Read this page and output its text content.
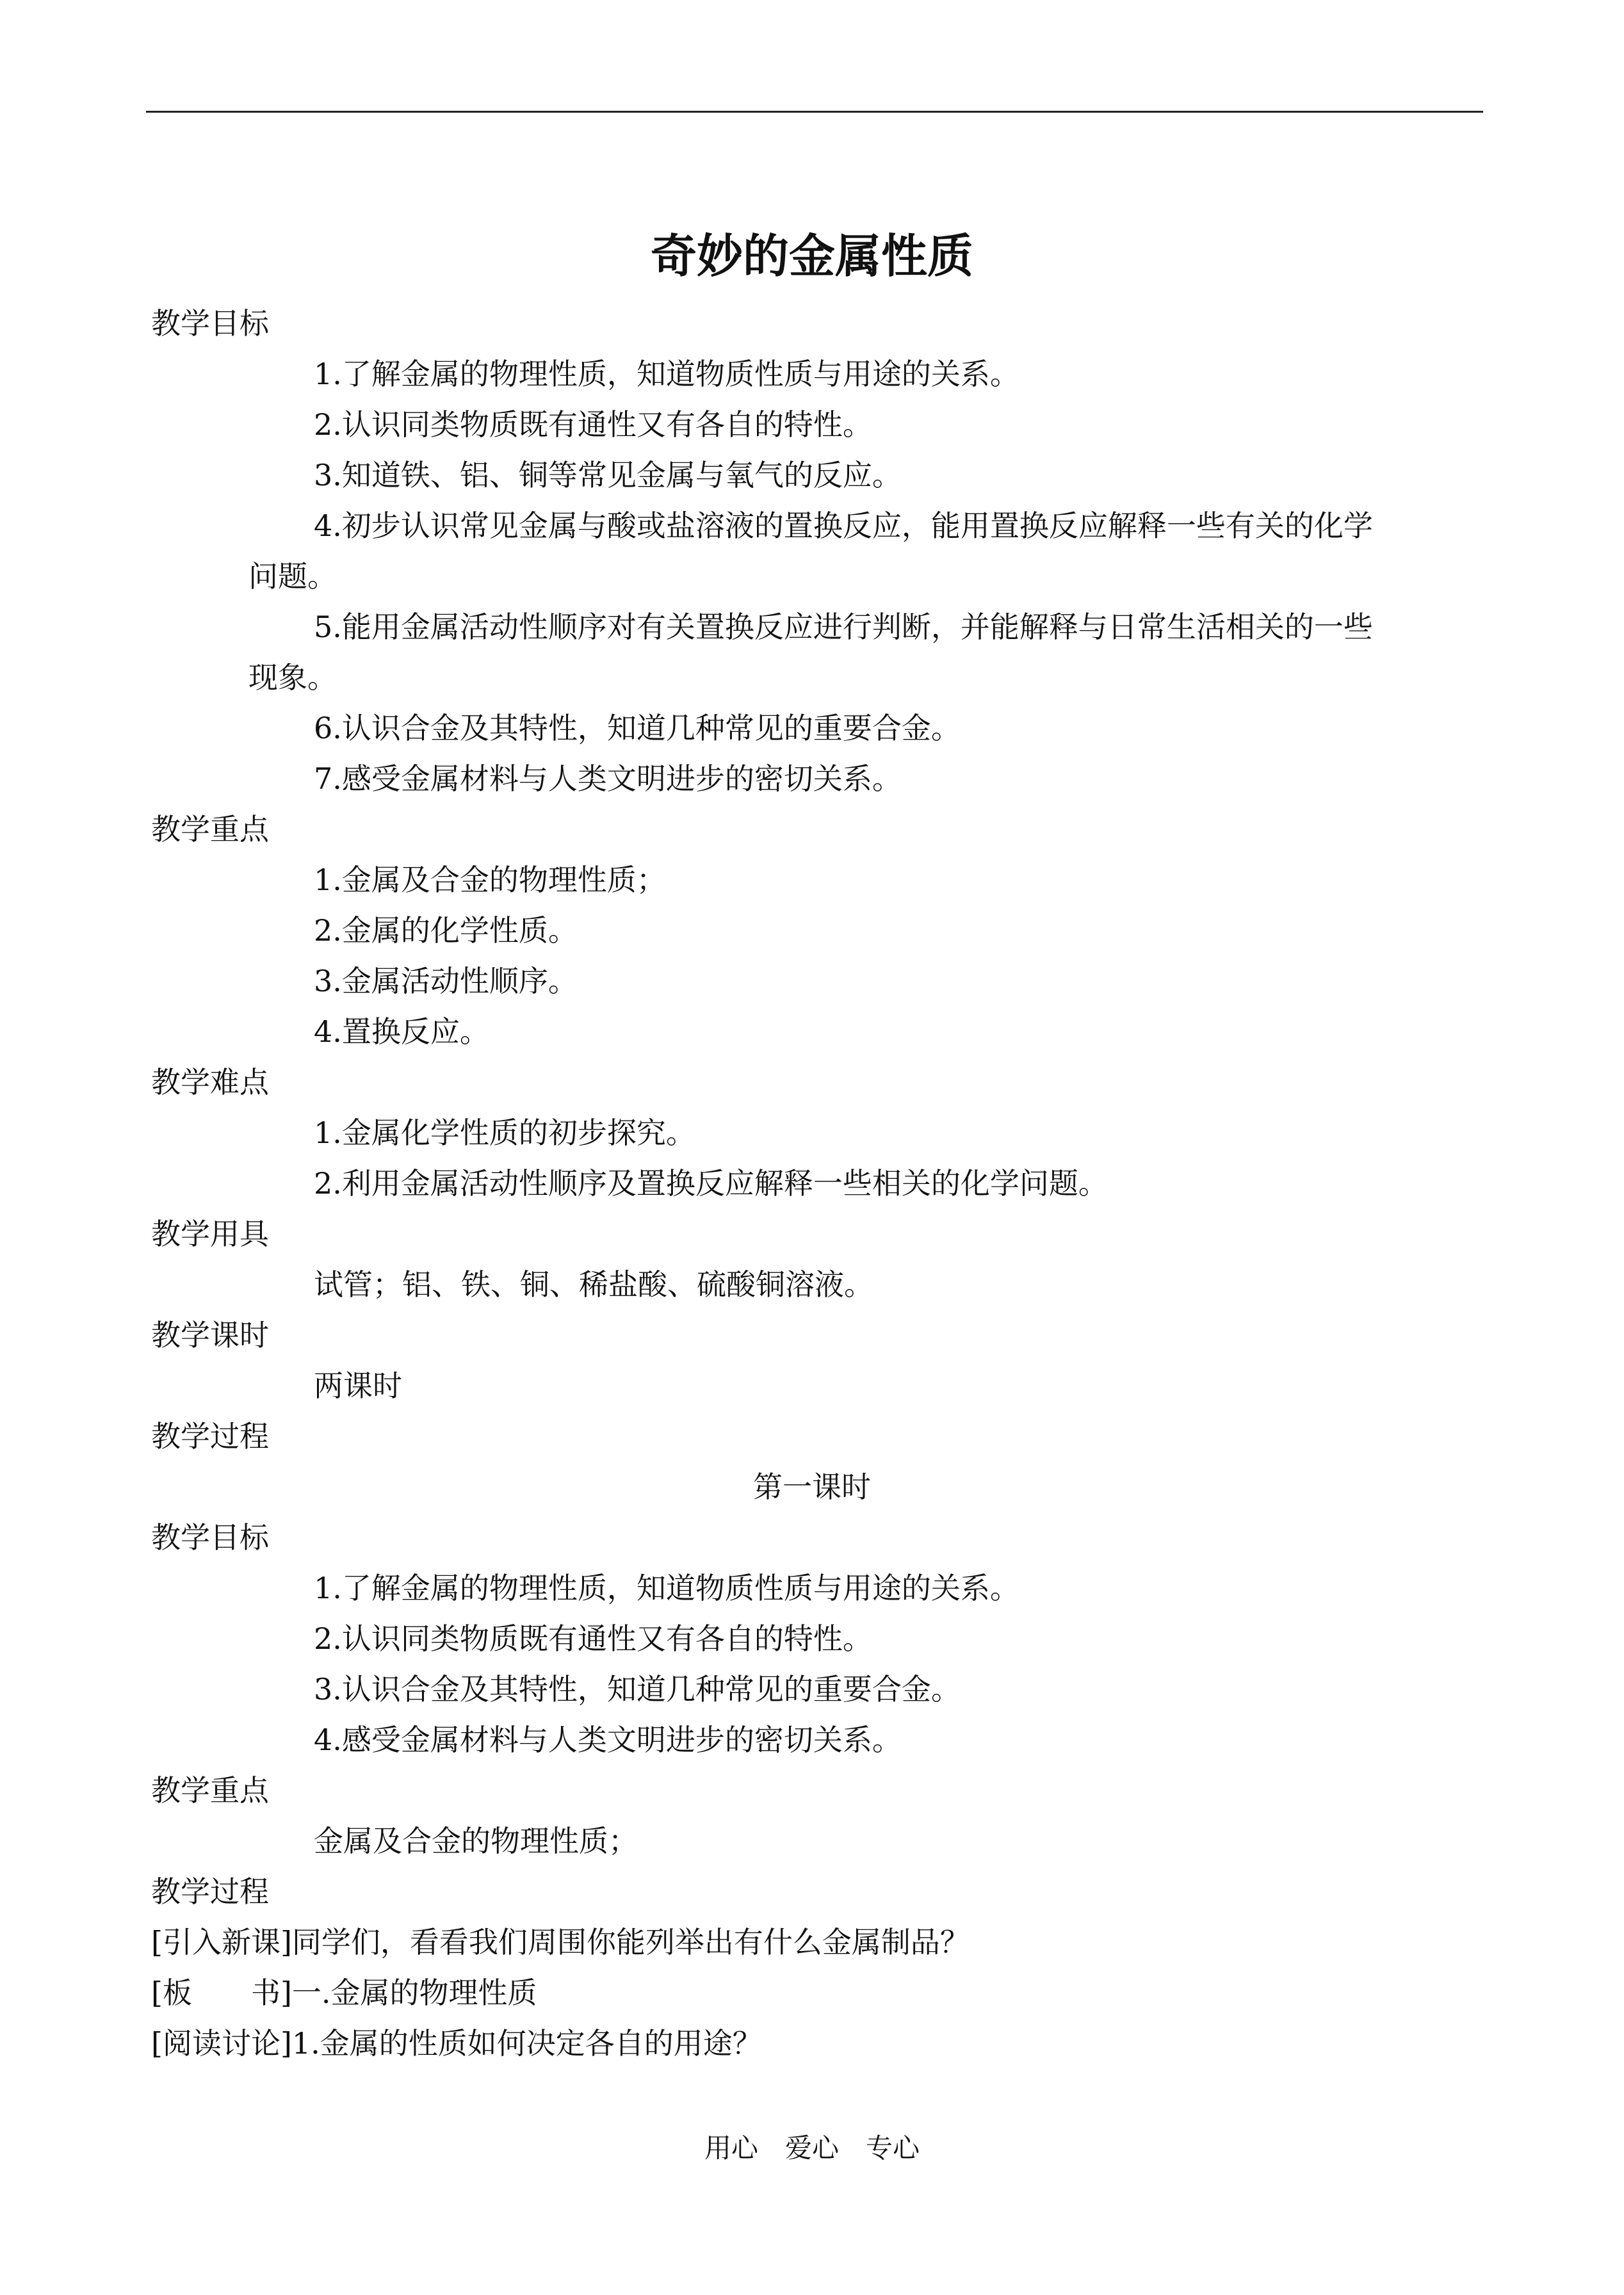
奇妙的金属性质
教学目标
1.了解金属的物理性质，知道物质性质与用途的关系。
2.认识同类物质既有通性又有各自的特性。
3.知道铁、铝、铜等常见金属与氧气的反应。
4.初步认识常见金属与酸或盐溶液的置换反应，能用置换反应解释一些有关的化学
问题。
5.能用金属活动性顺序对有关置换反应进行判断，并能解释与日常生活相关的一些
现象。
6.认识合金及其特性，知道几种常见的重要合金。
7.感受金属材料与人类文明进步的密切关系。
教学重点
1.金属及合金的物理性质；
2.金属的化学性质。
3.金属活动性顺序。
4.置换反应。
教学难点
1.金属化学性质的初步探究。
2.利用金属活动性顺序及置换反应解释一些相关的化学问题。
教学用具
试管；铝、铁、铜、稀盐酸、硫酸铜溶液。
教学课时
两课时
教学过程
第一课时
教学目标
1.了解金属的物理性质，知道物质性质与用途的关系。
2.认识同类物质既有通性又有各自的特性。
3.认识合金及其特性，知道几种常见的重要合金。
4.感受金属材料与人类文明进步的密切关系。
教学重点
金属及合金的物理性质；
教学过程
[引入新课]同学们，看看我们周围你能列举出有什么金属制品？
[板　　书]一.金属的物理性质
[阅读讨论]1.金属的性质如何决定各自的用途？
用心　爱心　专心
